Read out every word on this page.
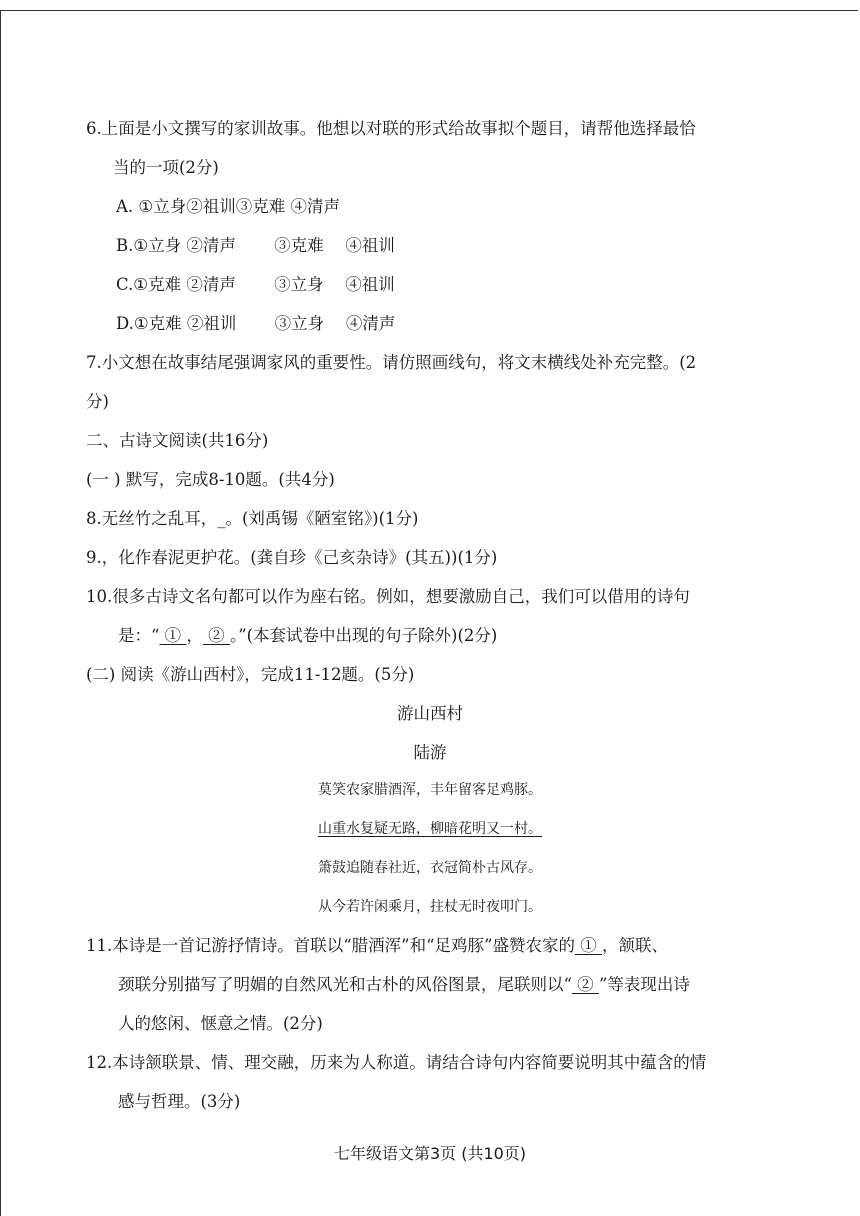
6.上面是小文撰写的家训故事。他想以对联的形式给故事拟个题目，请帮他选择最恰
当的一项(2分)
A. ①立身②祖训③克难 ④清声
B.①立身 ②清声　　 ③克难　 ④祖训
C.①克难 ②清声　　 ③立身　 ④祖训
D.①克难 ②祖训　　 ③立身　 ④清声
7.小文想在故事结尾强调家风的重要性。请仿照画线句，将文末横线处补充完整。(2
分)
二、古诗文阅读(共16分)
(一 ) 默写，完成8-10题。(共4分)
8.无丝竹之乱耳，_。(刘禹锡《陋室铭》)(1分)
9.，化作春泥更护花。(龚自珍《己亥杂诗》(其五))(1分)
10.很多古诗文名句都可以作为座右铭。例如，想要激励自己，我们可以借用的诗句
是：“ ① ， ② 。”(本套试卷中出现的句子除外)(2分)
(二) 阅读《游山西村》，完成11-12题。(5分)
游山西村
陆游
莫笑农家腊酒浑，丰年留客足鸡豚。
山重水复疑无路，柳暗花明又一村。
箫鼓追随春社近，衣冠简朴古风存。
从今若许闲乘月，拄杖无时夜叩门。
11.本诗是一首记游抒情诗。首联以“腊酒浑”和“足鸡豚”盛赞农家的 ① ，颔联、
颈联分别描写了明媚的自然风光和古朴的风俗图景，尾联则以“ ② ”等表现出诗
人的悠闲、惬意之情。(2分)
12.本诗颔联景、情、理交融，历来为人称道。请结合诗句内容简要说明其中蕴含的情
感与哲理。(3分)
七年级语文第3页 (共10页)
